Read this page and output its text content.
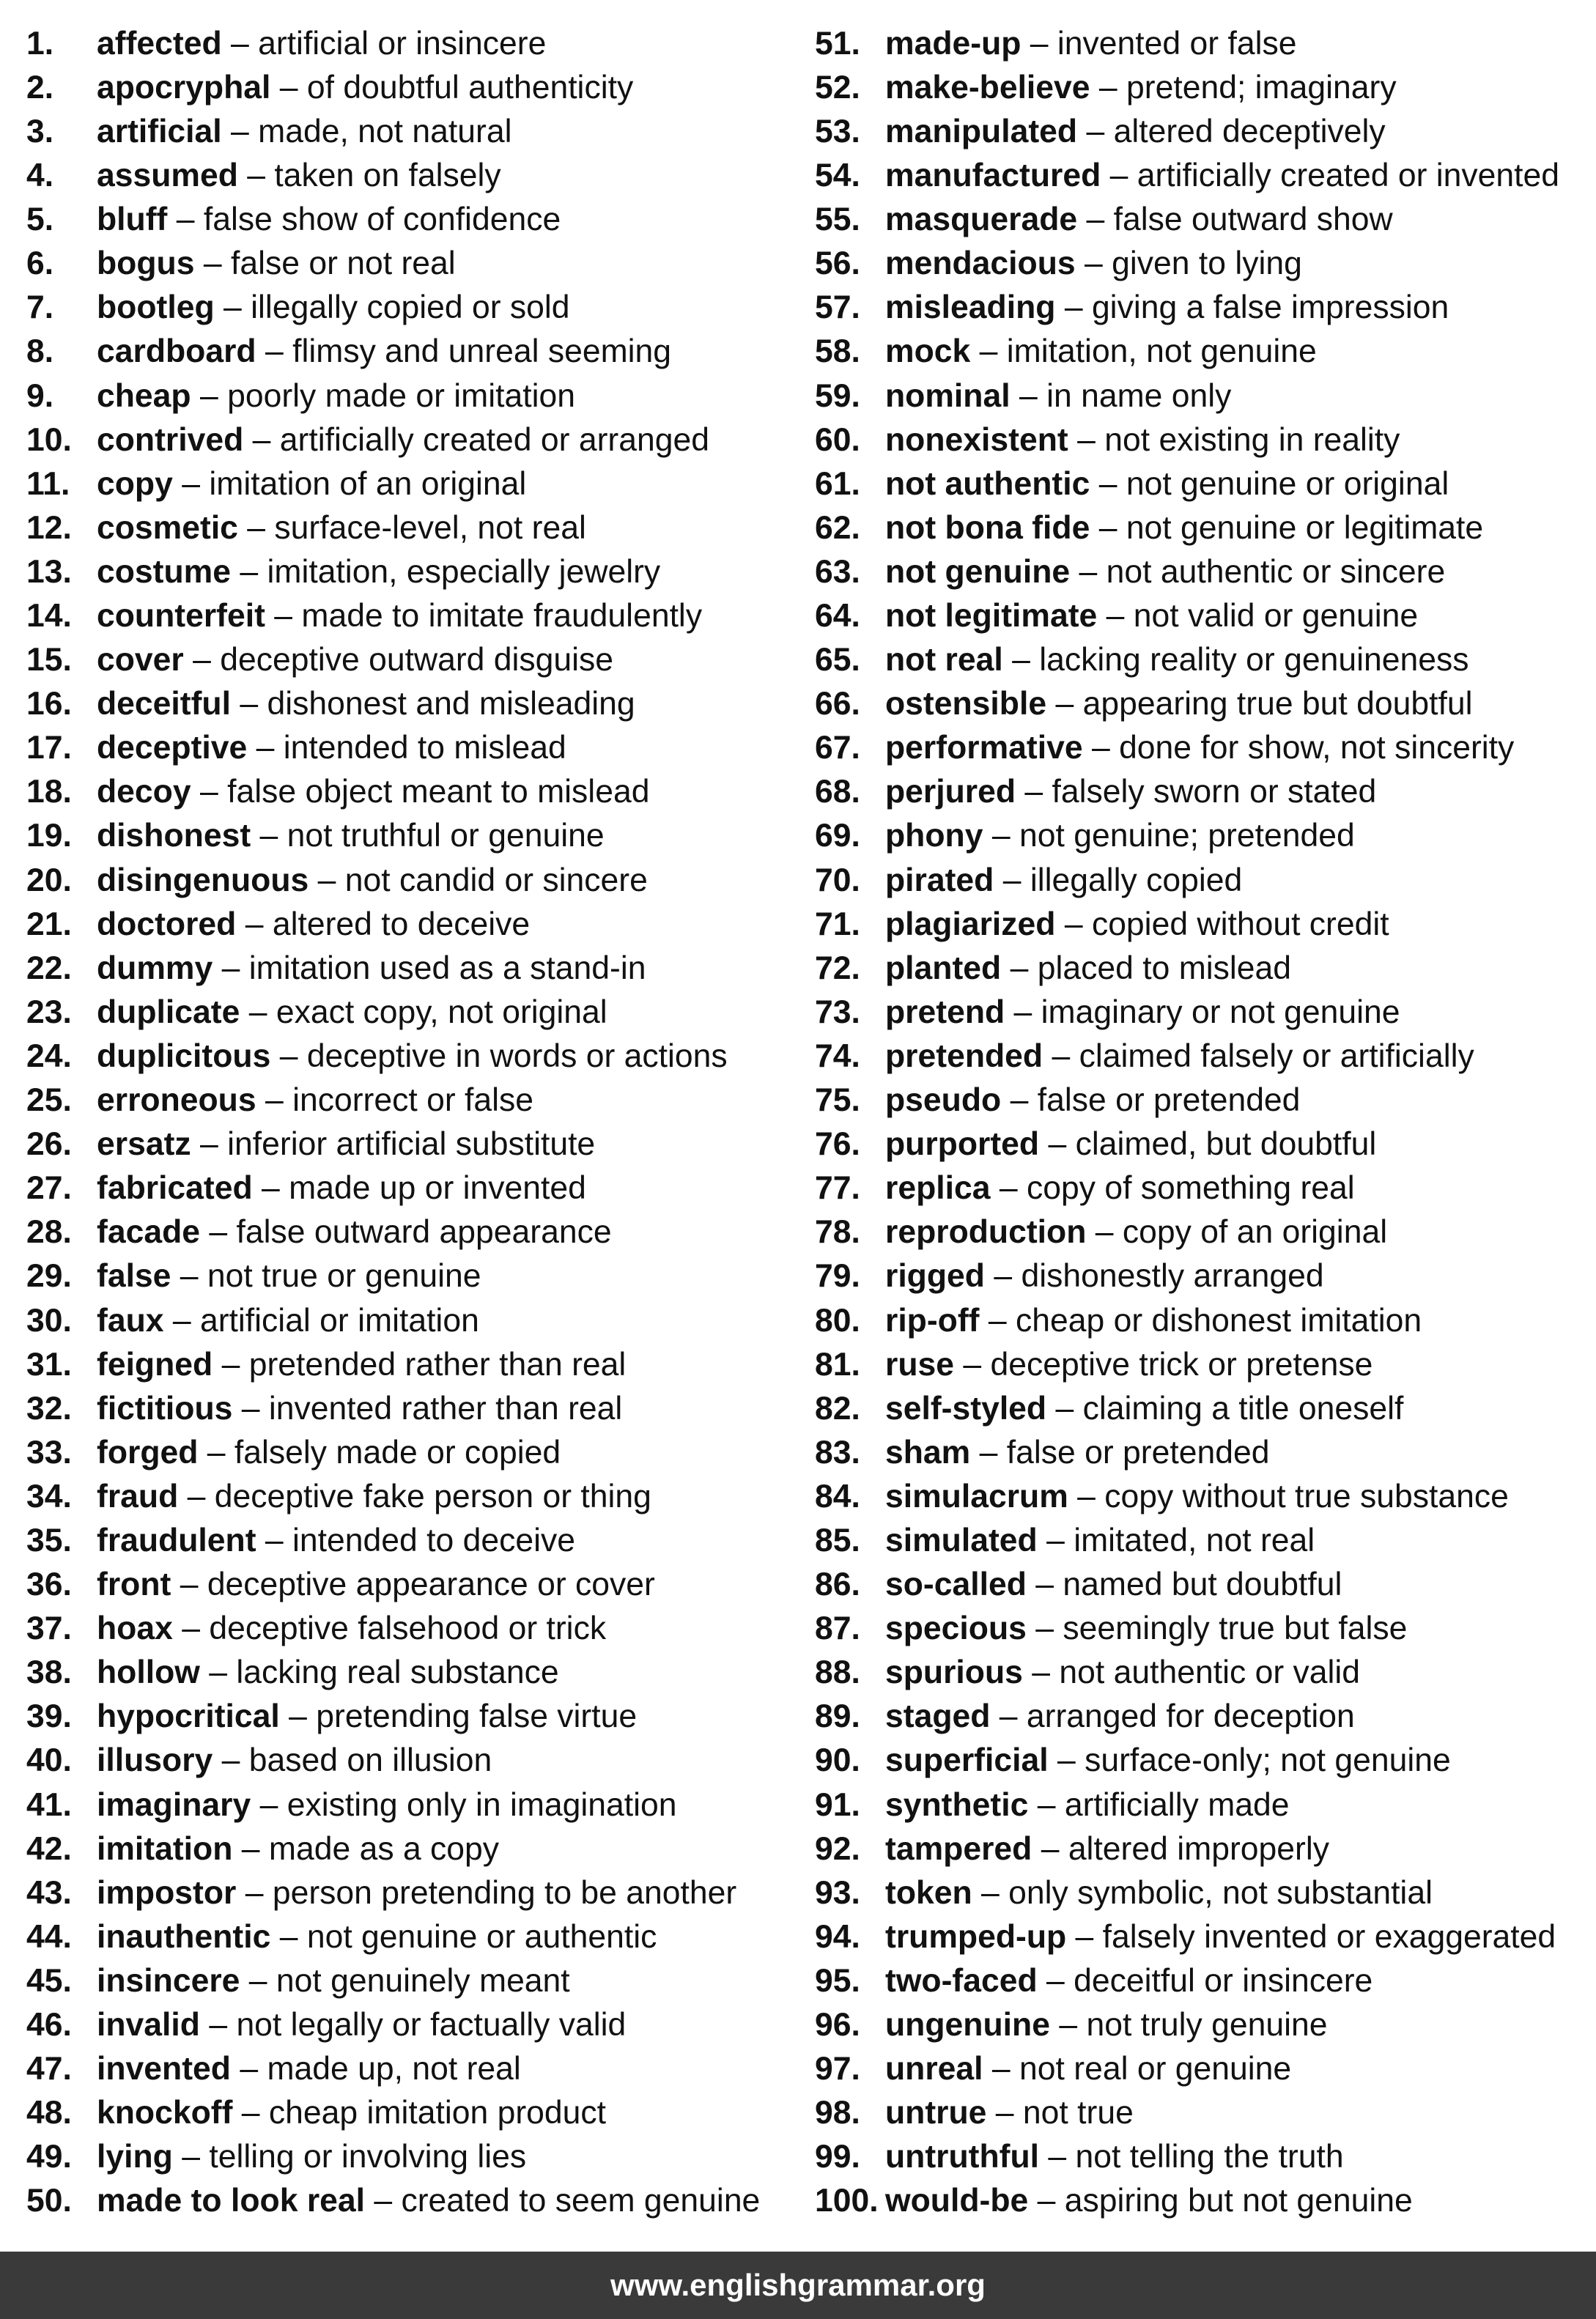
1.	affected – artificial or insincere
2.	apocryphal – of doubtful authenticity
3.	artificial – made, not natural
4.	assumed – taken on falsely
5.	bluff – false show of confidence
6.	bogus – false or not real
7.	bootleg – illegally copied or sold
8.	cardboard – flimsy and unreal seeming
9.	cheap – poorly made or imitation
10. contrived – artificially created or arranged
11. copy – imitation of an original
12. cosmetic – surface-level, not real
13. costume – imitation, especially jewelry
14. counterfeit – made to imitate fraudulently
15. cover – deceptive outward disguise
16. deceitful – dishonest and misleading
17. deceptive – intended to mislead
18. decoy – false object meant to mislead
19. dishonest – not truthful or genuine
20. disingenuous – not candid or sincere
21. doctored – altered to deceive
22. dummy – imitation used as a stand-in
23. duplicate – exact copy, not original
24. duplicitous – deceptive in words or actions
25. erroneous – incorrect or false
26. ersatz – inferior artificial substitute
27. fabricated – made up or invented
28. facade – false outward appearance
29. false – not true or genuine
30. faux – artificial or imitation
31. feigned – pretended rather than real
32. fictitious – invented rather than real
33. forged – falsely made or copied
34. fraud – deceptive fake person or thing
35. fraudulent – intended to deceive
36. front – deceptive appearance or cover
37. hoax – deceptive falsehood or trick
38. hollow – lacking real substance
39. hypocritical – pretending false virtue
40. illusory – based on illusion
41. imaginary – existing only in imagination
42. imitation – made as a copy
43. impostor – person pretending to be another
44. inauthentic – not genuine or authentic
45. insincere – not genuinely meant
46. invalid – not legally or factually valid
47. invented – made up, not real
48. knockoff – cheap imitation product
49. lying – telling or involving lies
50. made to look real – created to seem genuine
51. made-up – invented or false
52. make-believe – pretend; imaginary
53. manipulated – altered deceptively
54. manufactured – artificially created or invented
55. masquerade – false outward show
56. mendacious – given to lying
57. misleading – giving a false impression
58. mock – imitation, not genuine
59. nominal – in name only
60. nonexistent – not existing in reality
61. not authentic – not genuine or original
62. not bona fide – not genuine or legitimate
63. not genuine – not authentic or sincere
64. not legitimate – not valid or genuine
65. not real – lacking reality or genuineness
66. ostensible – appearing true but doubtful
67. performative – done for show, not sincerity
68. perjured – falsely sworn or stated
69. phony – not genuine; pretended
70. pirated – illegally copied
71. plagiarized – copied without credit
72. planted – placed to mislead
73. pretend – imaginary or not genuine
74. pretended – claimed falsely or artificially
75. pseudo – false or pretended
76. purported – claimed, but doubtful
77. replica – copy of something real
78. reproduction – copy of an original
79. rigged – dishonestly arranged
80. rip-off – cheap or dishonest imitation
81. ruse – deceptive trick or pretense
82. self-styled – claiming a title oneself
83. sham – false or pretended
84. simulacrum – copy without true substance
85. simulated – imitated, not real
86. so-called – named but doubtful
87. specious – seemingly true but false
88. spurious – not authentic or valid
89. staged – arranged for deception
90. superficial – surface-only; not genuine
91. synthetic – artificially made
92. tampered – altered improperly
93. token – only symbolic, not substantial
94. trumped-up – falsely invented or exaggerated
95. two-faced – deceitful or insincere
96. ungenuine – not truly genuine
97. unreal – not real or genuine
98. untrue – not true
99. untruthful – not telling the truth
100. would-be – aspiring but not genuine
www.englishgrammar.org
